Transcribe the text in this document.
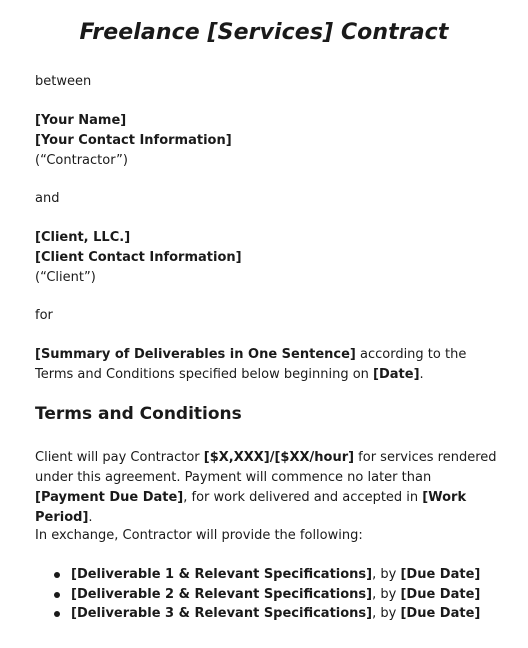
Freelance [Services] Contract
between
[Your Name]
[Your Contact Information]
(“Contractor”)
and
[Client, LLC.]
[Client Contact Information]
(“Client”)
for
[Summary of Deliverables in One Sentence] according to the Terms and Conditions specified below beginning on [Date].
Terms and Conditions
Client will pay Contractor [$X,XXX]/[$XX/hour] for services rendered under this agreement. Payment will commence no later than [Payment Due Date], for work delivered and accepted in [Work Period].
In exchange, Contractor will provide the following:
[Deliverable 1 & Relevant Specifications], by [Due Date]
[Deliverable 2 & Relevant Specifications], by [Due Date]
[Deliverable 3 & Relevant Specifications], by [Due Date]
